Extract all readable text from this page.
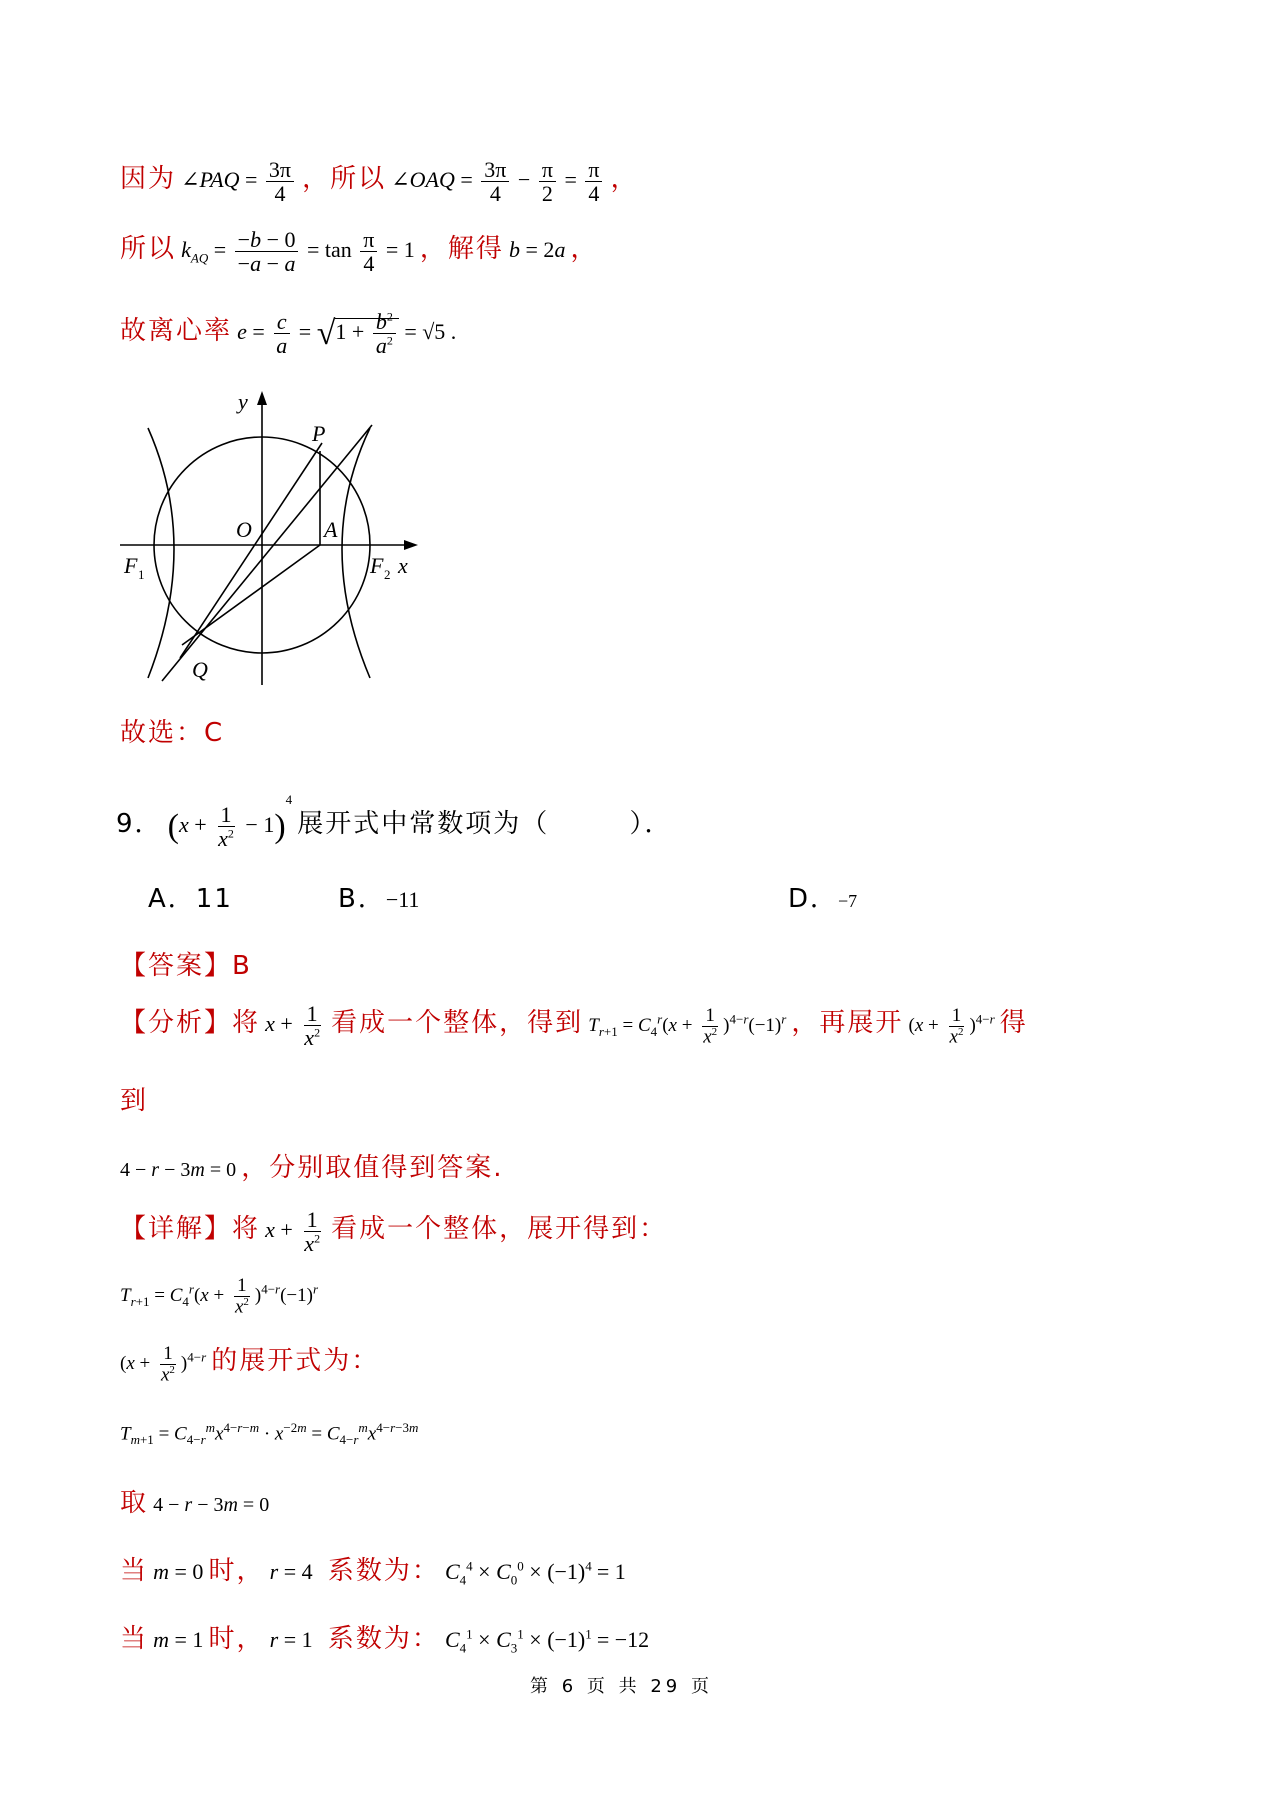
因为 ∠PAQ = $\frac{3\pi}{4}$ ，所以 ∠OAQ = $\frac{3\pi}{4} - \frac{\pi}{2} = \frac{\pi}{4}$ ，
所以 $k_{AQ} = \frac{-b - 0}{-a - a} = \tan \frac{\pi}{4} = 1$ ，解得 b = 2a ，
故离心率 $e = \frac{c}{a} = √1 + \frac{b^2}{a^2} = √5$ .
y
P
O	A
F 1	F 2 x
Q
故选：C
9． $(x + \frac{1}{x^2} - 1)^4$ 展开式中常数项为（	）．
A．11	B．−11	D．−7
【答案】B
【分析】将 $x + \frac{1}{x^2}$ 看成一个整体，得到 $T_{r+1} = C_4^r(x + \frac{1}{x^2} )^{4-r}(-1)^r$ ，再展开 $(x + \frac{1}{x^2} )^{4-r}$ 得
到
4 − r − 3m = 0 ，分别取值得到答案.
【详解】将 $x + \frac{1}{x^2}$ 看成一个整体，展开得到：
$T_{r+1} = C_4^r(x + \frac{1}{x^2} )^{4-r}(-1)^r$
$(x + \frac{1}{x^2} )^{4-r}$ 的展开式为：
$T_{m+1} = C_{4-r}^mx^{4-r-m} \cdot x^{-2m} = C_{4-r}^mx^{4-r-3m}$
取 4 − r − 3m = 0
当 m = 0 时， r = 4 系数为： $C_4^4 \times C_0^0 \times (-1)^4 = 1$
当 m = 1 时， r = 1 系数为： $C_4^1 \times C_3^1 \times (-1)^1 = -12$
第 6 页 共 29 页
